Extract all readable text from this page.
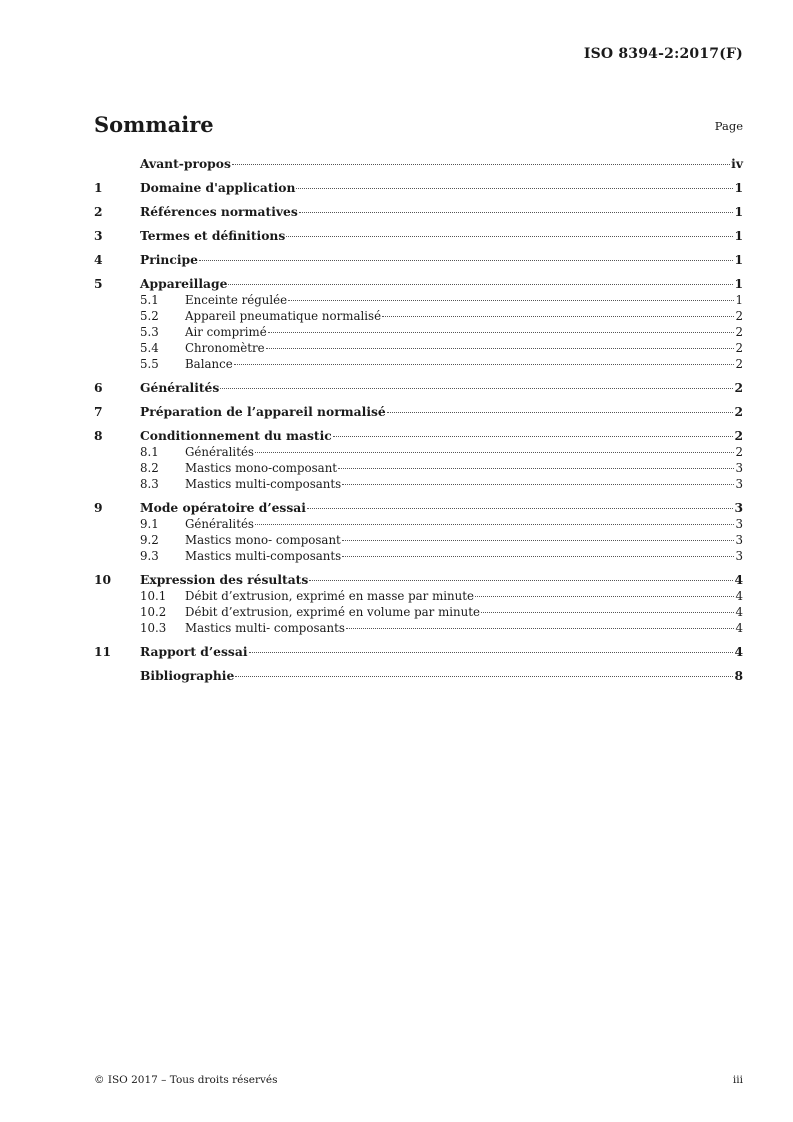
ISO 8394-2:2017(F)
Sommaire	Page
Avant-propos	iv
1	Domaine d'application	1
2	Références normatives	1
3	Termes et définitions	1
4	Principe	1
5	Appareillage	1
5.1	Enceinte régulée	1
5.2	Appareil pneumatique normalisé	2
5.3	Air comprimé	2
5.4	Chronomètre	2
5.5	Balance	2
6	Généralités	2
7	Préparation de l’appareil normalisé	2
8	Conditionnement du mastic	2
8.1	Généralités	2
8.2	Mastics mono-composant	3
8.3	Mastics multi-composants	3
9	Mode opératoire d’essai	3
9.1	Généralités	3
9.2	Mastics mono- composant	3
9.3	Mastics multi-composants	3
10	Expression des résultats	4
10.1	Débit d’extrusion, exprimé en masse par minute	4
10.2	Débit d’extrusion, exprimé en volume par minute	4
10.3	Mastics multi- composants	4
11	Rapport d’essai	4
Bibliographie	8
© ISO 2017 – Tous droits réservés	iii
